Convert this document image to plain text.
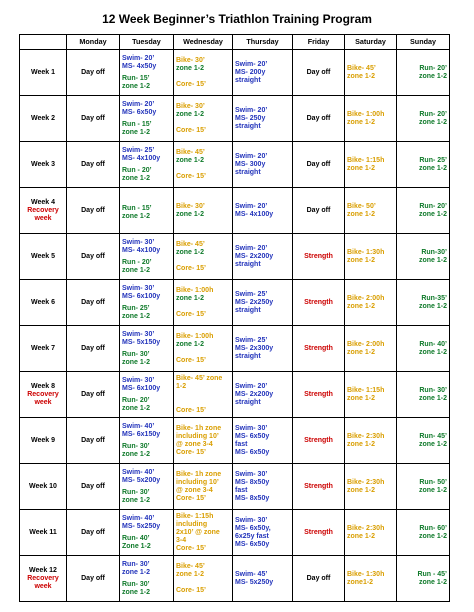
12 Week Beginner’s Triathlon Training Program
	Monday	Tuesday	Wednesday	Thursday	Friday	Saturday	Sunday
Week 1	Day off	Swim- 20’
MS- 4x50y
Run- 15’
zone 1-2	Bike- 30’
zone 1-2

Core- 15’	Swim- 20’
MS- 200y
straight	Day off	Bike- 45’
zone 1-2	Run- 20’
zone 1-2
Week 2	Day off	Swim- 20’
MS- 6x50y
Run - 15’
zone 1-2	Bike- 30’
zone 1-2

Core- 15’	Swim- 20’
MS- 250y
straight	Day off	Bike- 1:00h
zone 1-2	Run- 20’
zone 1-2
Week 3	Day off	Swim- 25’
MS- 4x100y
Run - 20’
zone 1-2	Bike- 45’
zone 1-2

Core- 15’	Swim- 20’
MS- 300y
straight	Day off	Bike- 1:15h
zone 1-2	Run- 25’
zone 1-2
Week 4
Recovery week	Day off	Run - 15’
zone 1-2	Bike- 30’
zone 1-2	Swim- 20’
MS- 4x100y	Day off	Bike- 50’
zone 1-2	Run- 20’
zone 1-2
Week 5	Day off	Swim- 30’
MS- 4x100y
Run - 20’
zone 1-2	Bike- 45’
zone 1-2

Core- 15’	Swim- 20’
MS- 2x200y
straight	Strength	Bike- 1:30h
zone 1-2	Run-30’
zone 1-2
Week 6	Day off	Swim- 30’
MS- 6x100y
Run- 25’
zone 1-2	Bike- 1:00h
zone 1-2

Core- 15’	Swim- 25’
MS- 2x250y
straight	Strength	Bike- 2:00h
zone 1-2	Run-35’
zone 1-2
Week 7	Day off	Swim- 30’
MS- 5x150y
Run- 30’
zone 1-2	Bike- 1:00h
zone 1-2

Core- 15’	Swim- 25’
MS- 2x300y
straight	Strength	Bike- 2:00h
zone 1-2	Run- 40’
zone 1-2
Week 8
Recovery week	Day off	Swim- 30’
MS- 6x100y
Run- 20’
zone 1-2	Bike- 45’ zone
1-2

Core- 15’	Swim- 20’
MS- 2x200y
straight	Strength	Bike- 1:15h
zone 1-2	Run- 30’
zone 1-2
Week 9	Day off	Swim- 40’
MS- 6x150y
Run- 30’
zone 1-2	Bike- 1h zone
including 10’
@ zone 3-4
Core- 15’	Swim- 30’
MS- 6x50y
fast
MS- 6x50y	Strength	Bike- 2:30h
zone 1-2	Run- 45’
zone 1-2
Week 10	Day off	Swim- 40’
MS- 5x200y
Run- 30’
zone 1-2	Bike- 1h zone
including 10’
@ zone 3-4
Core- 15’	Swim- 30’
MS- 8x50y
fast
MS- 8x50y	Strength	Bike- 2:30h
zone 1-2	Run- 50’
zone 1-2
Week 11	Day off	Swim- 40’
MS- 5x250y
Run- 40’
Zone 1-2	Bike- 1:15h
including
2x10’ @ zone
3-4
Core- 15’	Swim- 30’
MS- 6x50y,
6x25y fast
MS- 6x50y	Strength	Bike- 2:30h
zone 1-2	Run- 60’
zone 1-2
Week 12
Recovery week	Day off	Run- 30’
zone 1-2
Run- 30’
zone 1-2	Bike- 45’
zone 1-2

Core- 15’	Swim- 45’
MS- 5x250y	Day off	Bike- 1:30h
zone1-2	Run - 45’
zone 1-2
